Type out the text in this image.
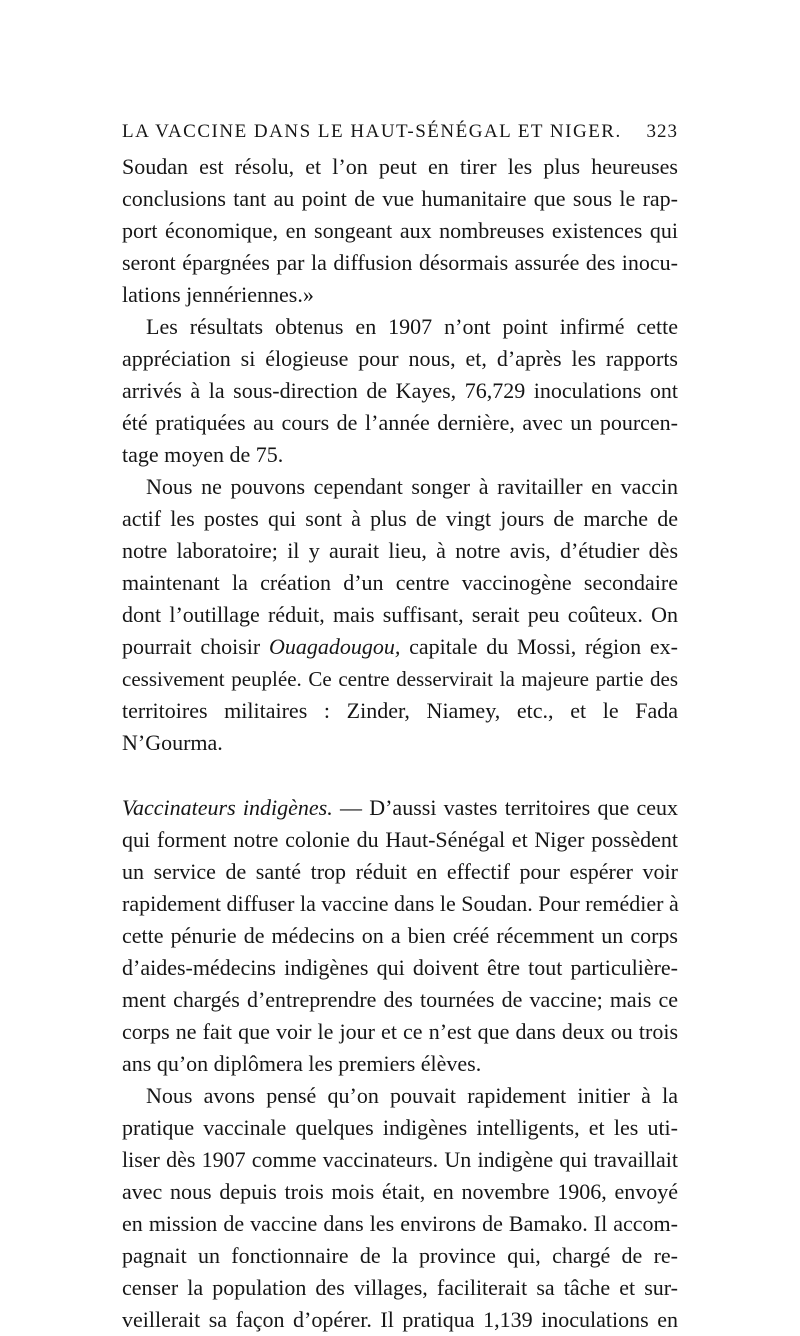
LA VACCINE DANS LE HAUT-SÉNÉGAL ET NIGER. 323
Soudan est résolu, et l’on peut en tirer les plus heureuses
conclusions tant au point de vue humanitaire que sous le rap-
port économique, en songeant aux nombreuses existences qui
seront épargnées par la diffusion désormais assurée des inocu-
lations jennériennes.»
Les résultats obtenus en 1907 n’ont point infirmé cette
appréciation si élogieuse pour nous, et, d’après les rapports
arrivés à la sous-direction de Kayes, 76,729 inoculations ont
été pratiquées au cours de l’année dernière, avec un pourcen-
tage moyen de 75.
Nous ne pouvons cependant songer à ravitailler en vaccin
actif les postes qui sont à plus de vingt jours de marche de
notre laboratoire; il y aurait lieu, à notre avis, d’étudier dès
maintenant la création d’un centre vaccinogène secondaire
dont l’outillage réduit, mais suffisant, serait peu coûteux. On
pourrait choisir Ouagadougou, capitale du Mossi, région ex-
cessivement peuplée. Ce centre desservirait la majeure partie des
territoires militaires : Zinder, Niamey, etc., et le Fada
N’Gourma.
Vaccinateurs indigènes. — D’aussi vastes territoires que ceux
qui forment notre colonie du Haut-Sénégal et Niger possèdent
un service de santé trop réduit en effectif pour espérer voir
rapidement diffuser la vaccine dans le Soudan. Pour remédier à
cette pénurie de médecins on a bien créé récemment un corps
d’aides-médecins indigènes qui doivent être tout particulière-
ment chargés d’entreprendre des tournées de vaccine; mais ce
corps ne fait que voir le jour et ce n’est que dans deux ou trois
ans qu’on diplômera les premiers élèves.
Nous avons pensé qu’on pouvait rapidement initier à la
pratique vaccinale quelques indigènes intelligents, et les uti-
liser dès 1907 comme vaccinateurs. Un indigène qui travaillait
avec nous depuis trois mois était, en novembre 1906, envoyé
en mission de vaccine dans les environs de Bamako. Il accom-
pagnait un fonctionnaire de la province qui, chargé de re-
censer la population des villages, faciliterait sa tâche et sur-
veillerait sa façon d’opérer. Il pratiqua 1,139 inoculations en
